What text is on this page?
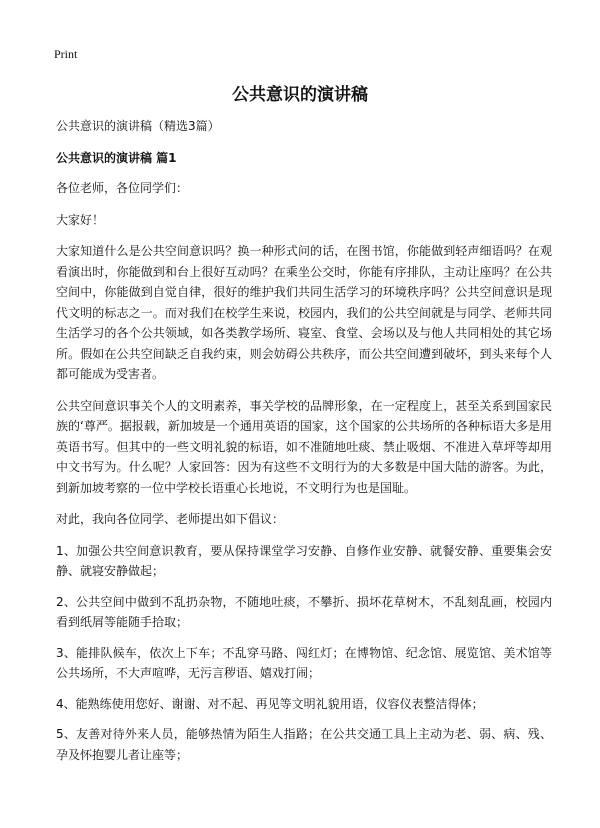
Print
公共意识的演讲稿

公共意识的演讲稿（精选3篇）

公共意识的演讲稿 篇1

各位老师，各位同学们：

大家好！

大家知道什么是公共空间意识吗？换一种形式问的话，在图书馆，你能做到轻声细语吗？在观看演出时，你能做到和台上很好互动吗？在乘坐公交时，你能有序排队，主动让座吗？在公共空间中，你能做到自觉自律，很好的维护我们共同生活学习的环境秩序吗？公共空间意识是现代文明的标志之一。而对我们在校学生来说，校园内，我们的公共空间就是与同学、老师共同生活学习的各个公共领域，如各类教学场所、寝室、食堂、会场以及与他人共同相处的其它场所。假如在公共空间缺乏自我约束，则会妨碍公共秩序，而公共空间遭到破坏，到头来每个人都可能成为受害者。

公共空间意识事关个人的文明素养，事关学校的品牌形象，在一定程度上，甚至关系到国家民族的‘尊严。据报载，新加坡是一个通用英语的国家，这个国家的公共场所的各种标语大多是用英语书写。但其中的一些文明礼貌的标语，如不准随地吐痰、禁止吸烟、不准进入草坪等却用中文书写为。什么呢？人家回答：因为有这些不文明行为的大多数是中国大陆的游客。为此，到新加坡考察的一位中学校长语重心长地说，不文明行为也是国耻。

对此，我向各位同学、老师提出如下倡议：

1、加强公共空间意识教育，要从保持课堂学习安静、自修作业安静、就餐安静、重要集会安静、就寝安静做起；

2、公共空间中做到不乱扔杂物，不随地吐痰，不攀折、损坏花草树木，不乱刻乱画，校园内看到纸屑等能随手拾取；

3、能排队候车，依次上下车；不乱穿马路、闯红灯；在博物馆、纪念馆、展览馆、美术馆等公共场所，不大声喧哗，无污言秽语、嬉戏打闹；

4、能熟练使用您好、谢谢、对不起、再见等文明礼貌用语，仪容仪表整洁得体；

5、友善对待外来人员，能够热情为陌生人指路；在公共交通工具上主动为老、弱、病、残、孕及怀抱婴儿者让座等；
